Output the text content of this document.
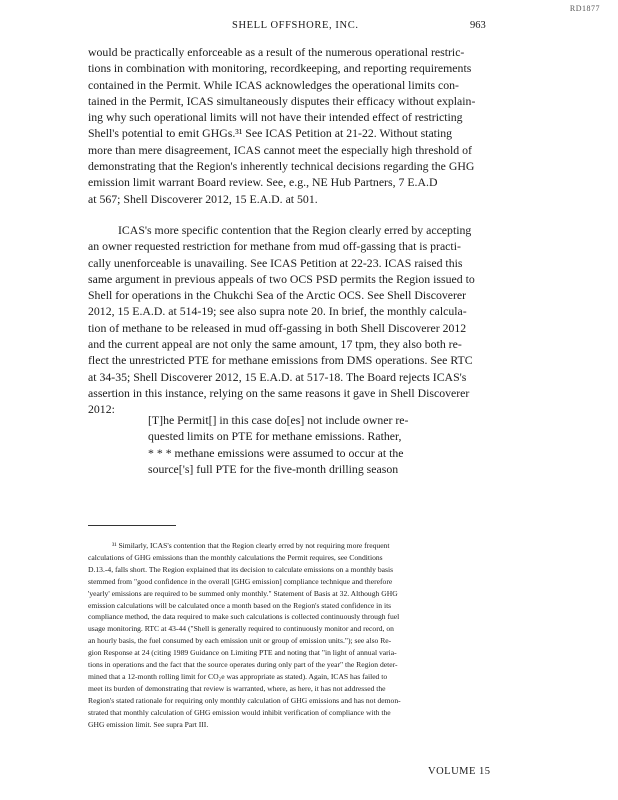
RD1877
SHELL OFFSHORE, INC.	963
would be practically enforceable as a result of the numerous operational restric-
tions in combination with monitoring, recordkeeping, and reporting requirements
contained in the Permit. While ICAS acknowledges the operational limits con-
tained in the Permit, ICAS simultaneously disputes their efficacy without explain-
ing why such operational limits will not have their intended effect of restricting
Shell's potential to emit GHGs.³¹ See ICAS Petition at 21-22. Without stating
more than mere disagreement, ICAS cannot meet the especially high threshold of
demonstrating that the Region's inherently technical decisions regarding the GHG
emission limit warrant Board review. See, e.g., NE Hub Partners, 7 E.A.D
at 567; Shell Discoverer 2012, 15 E.A.D. at 501.
ICAS's more specific contention that the Region clearly erred by accepting
an owner requested restriction for methane from mud off-gassing that is practi-
cally unenforceable is unavailing. See ICAS Petition at 22-23. ICAS raised this
same argument in previous appeals of two OCS PSD permits the Region issued to
Shell for operations in the Chukchi Sea of the Arctic OCS. See Shell Discoverer
2012, 15 E.A.D. at 514-19; see also supra note 20. In brief, the monthly calcula-
tion of methane to be released in mud off-gassing in both Shell Discoverer 2012
and the current appeal are not only the same amount, 17 tpm, they also both re-
flect the unrestricted PTE for methane emissions from DMS operations. See RTC
at 34-35; Shell Discoverer 2012, 15 E.A.D. at 517-18. The Board rejects ICAS's
assertion in this instance, relying on the same reasons it gave in Shell Discoverer
2012:
[T]he Permit[] in this case do[es] not include owner re-
quested limits on PTE for methane emissions. Rather,
* * * methane emissions were assumed to occur at the
source['s] full PTE for the five-month drilling season
³¹ Similarly, ICAS's contention that the Region clearly erred by not requiring more frequent
calculations of GHG emissions than the monthly calculations the Permit requires, see Conditions
D.13.-4, falls short. The Region explained that its decision to calculate emissions on a monthly basis
stemmed from "good confidence in the overall [GHG emission] compliance technique and therefore
'yearly' emissions are required to be summed only monthly." Statement of Basis at 32. Although GHG
emission calculations will be calculated once a month based on the Region's stated confidence in its
compliance method, the data required to make such calculations is collected continuously through fuel
usage monitoring. RTC at 43-44 ("Shell is generally required to continuously monitor and record, on
an hourly basis, the fuel consumed by each emission unit or group of emission units."); see also Re-
gion Response at 24 (citing 1989 Guidance on Limiting PTE and noting that "in light of annual varia-
tions in operations and the fact that the source operates during only part of the year" the Region deter-
mined that a 12-month rolling limit for CO₂e was appropriate as stated). Again, ICAS has failed to
meet its burden of demonstrating that review is warranted, where, as here, it has not addressed the
Region's stated rationale for requiring only monthly calculation of GHG emissions and has not demon-
strated that monthly calculation of GHG emission would inhibit verification of compliance with the
GHG emission limit. See supra Part III.
VOLUME 15
